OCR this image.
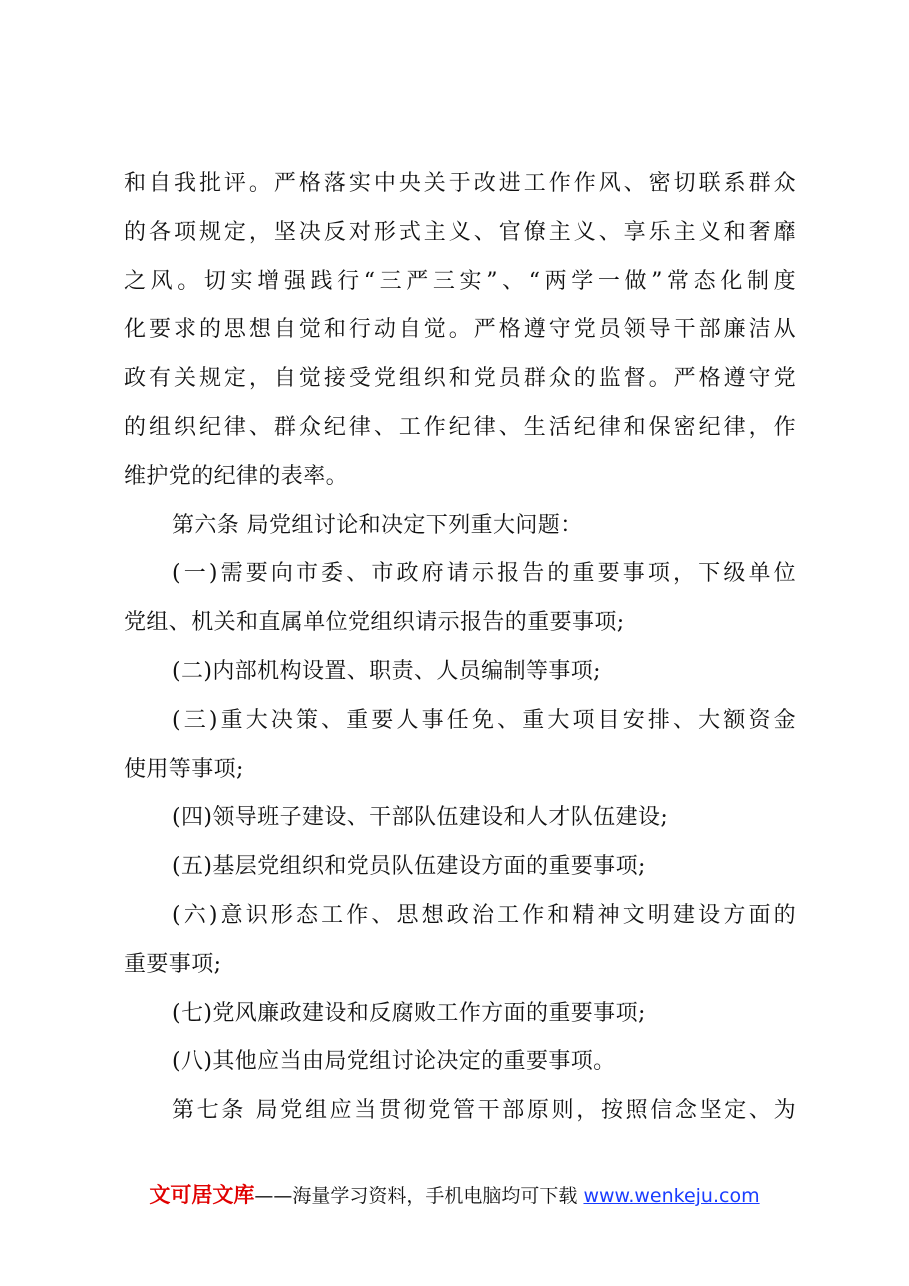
和自我批评。严格落实中央关于改进工作作风、密切联系群众
的各项规定，坚决反对形式主义、官僚主义、享乐主义和奢靡
之风。切实增强践行“三严三实”、“两学一做”常态化制度
化要求的思想自觉和行动自觉。严格遵守党员领导干部廉洁从
政有关规定，自觉接受党组织和党员群众的监督。严格遵守党
的组织纪律、群众纪律、工作纪律、生活纪律和保密纪律，作
维护党的纪律的表率。
第六条 局党组讨论和决定下列重大问题：
(一)需要向市委、市政府请示报告的重要事项，下级单位
党组、机关和直属单位党组织请示报告的重要事项;
(二)内部机构设置、职责、人员编制等事项;
(三)重大决策、重要人事任免、重大项目安排、大额资金
使用等事项;
(四)领导班子建设、干部队伍建设和人才队伍建设;
(五)基层党组织和党员队伍建设方面的重要事项;
(六)意识形态工作、思想政治工作和精神文明建设方面的
重要事项;
(七)党风廉政建设和反腐败工作方面的重要事项;
(八)其他应当由局党组讨论决定的重要事项。
第七条 局党组应当贯彻党管干部原则，按照信念坚定、为
文可居文库——海量学习资料，手机电脑均可下载 www.wenkeju.com
